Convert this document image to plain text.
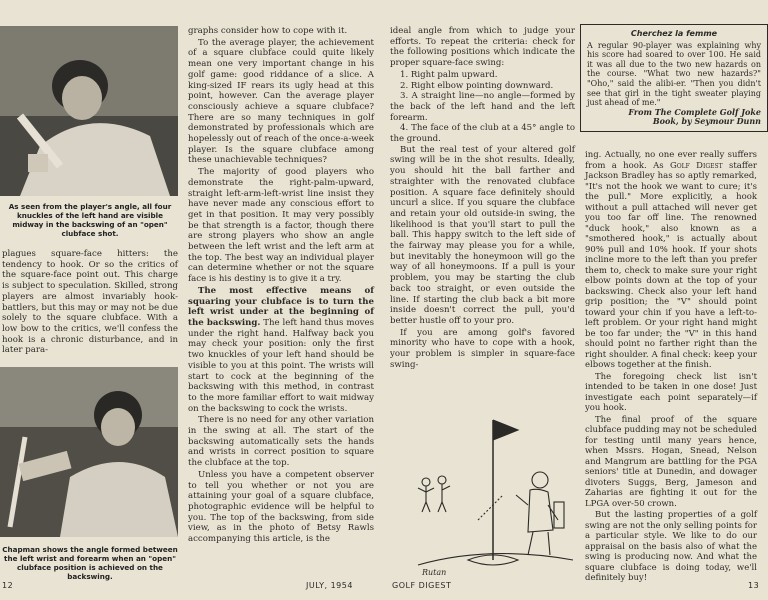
As seen from the player's angle, all four knuckles of the left hand are visible midway in the backswing of an "open" clubface shot.

plagues square-face hitters: the tendency to hook. Or so the critics of the square-face point out. This charge is subject to speculation. Skilled, strong players are almost invariably hook-battlers, but this may or may not be due solely to the square clubface. With a low bow to the critics, we'll confess the hook is a chronic disturbance, and in later para-

Chapman shows the angle formed between the left wrist and forearm when an "open" clubface position is achieved on the backswing.

graphs consider how to cope with it.

To the average player, the achievement of a square clubface could quite likely mean one very important change in his golf game: good riddance of a slice. A king-sized IF rears its ugly head at this point, however. Can the average player consciously achieve a square clubface? There are so many techniques in golf demonstrated by professionals which are hopelessly out of reach of the once-a-week player. Is the square clubface among these unachievable techniques?

The majority of good players who demonstrate the right-palm-upward, straight left-arm-left-wrist line insist they have never made any conscious effort to get in that position. It may very possibly be that strength is a factor, though there are strong players who show an angle between the left wrist and the left arm at the top. The best way an individual player can determine whether or not the square face is his destiny is to give it a try.

The most effective means of squaring your clubface is to turn the left wrist under at the beginning of the backswing. The left hand thus moves under the right hand. Halfway back you may check your position: only the first two knuckles of your left hand should be visible to you at this point. The wrists will start to cock at the beginning of the backswing with this method, in contrast to the more familiar effort to wait midway on the backswing to cock the wrists.

There is no need for any other variation in the swing at all. The start of the backswing automatically sets the hands and wrists in correct position to square the clubface at the top.

Unless you have a competent observer to tell you whether or not you are attaining your goal of a square clubface, photographic evidence will be helpful to you. The top of the backswing, from side view, as in the photo of Betsy Rawls accompanying this article, is the

12	JULY, 1954

ideal angle from which to judge your efforts. To repeat the criteria: check for the following positions which indicate the proper square-face swing:

1. Right palm upward.
2. Right elbow pointing downward.
3. A straight line—no angle—formed by the back of the left hand and the left forearm.
4. The face of the club at a 45° angle to the ground.

But the real test of your altered golf swing will be in the shot results. Ideally, you should hit the ball farther and straighter with the renovated clubface position. A square face definitely should uncurl a slice. If you square the clubface and retain your old outside-in swing, the likelihood is that you'll start to pull the ball. This happy switch to the left side of the fairway may please you for a while, but inevitably the honeymoon will go the way of all honeymoons. If a pull is your problem, you may be starting the club back too straight, or even outside the line. If starting the club back a bit more inside doesn't correct the pull, you'd better hustle off to your pro.

If you are among golf's favored minority who have to cope with a hook, your problem is simpler in square-face swing-

Cherchez la femme
A regular 90-player was explaining why his score had soared to over 100. He said it was all due to the two new hazards on the course. "What two new hazards?" "Oho," said the alibi-er. "Then you didn't see that girl in the tight sweater playing just ahead of me."
From The Complete Golf Joke
Book, by Seymour Dunn

ing. Actually, no one ever really suffers from a hook. As Golf Digest staffer Jackson Bradley has so aptly remarked, "It's not the hook we want to cure; it's the pull." More explicitly, a hook without a pull attached will never get you too far off line. The renowned "duck hook," also known as a "smothered hook," is actually about 90% pull and 10% hook. If your shots incline more to the left than you prefer them to, check to make sure your right elbow points down at the top of your backswing. Check also your left hand grip position; the "V" should point toward your chin if you have a left-to-left problem. Or your right hand might be too far under; the "V" in this hand should point no farther right than the right shoulder. A final check: keep your elbows together at the finish.

The foregoing check list isn't intended to be taken in one dose! Just investigate each point separately—if you hook.

The final proof of the square clubface pudding may not be scheduled for testing until many years hence, when Mssrs. Hogan, Snead, Nelson and Mangrum are battling for the PGA seniors' title at Dunedin, and dowager divoters Suggs, Berg, Jameson and Zaharias are fighting it out for the LPGA over-50 crown.

But the lasting properties of a golf swing are not the only selling points for a particular style. We like to do our appraisal on the basis also of what the swing is producing now. And what the square clubface is doing today, we'll definitely buy!

Rutan
GOLF DIGEST	13
